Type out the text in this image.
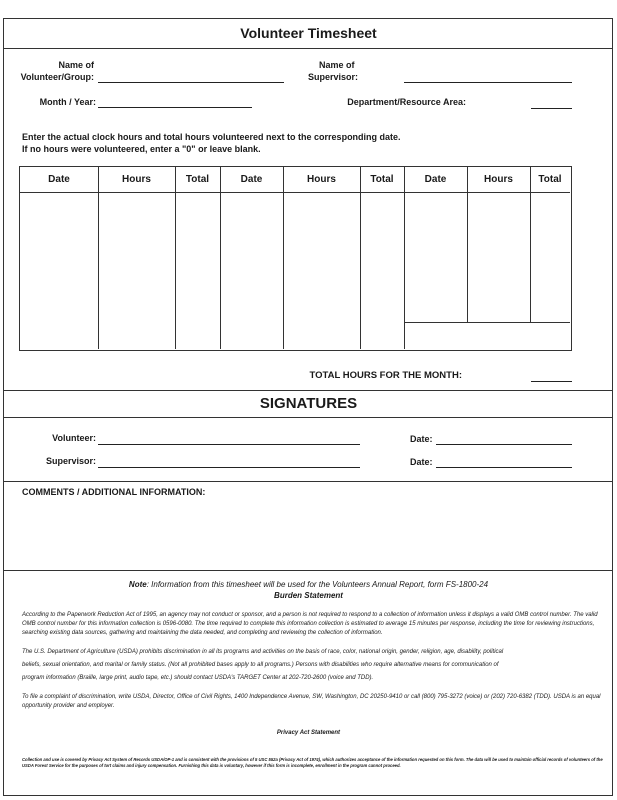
Volunteer Timesheet
Name of
Volunteer/Group:
Name of
Supervisor:
Month / Year:	Department/Resource Area:
Enter the actual clock hours and total hours volunteered next to the corresponding date.
If no hours were volunteered, enter a "0" or leave blank.
Date	Hours	Total	Date	Hours	Total	Date	Hours	Total
TOTAL HOURS FOR THE MONTH:
SIGNATURES
Volunteer:	Date:
Supervisor:	Date:
COMMENTS / ADDITIONAL INFORMATION:
Note: Information from this timesheet will be used for the Volunteers Annual Report, form FS-1800-24
Burden Statement
According to the Paperwork Reduction Act of 1995, an agency may not conduct or sponsor, and a person is not required to respond to a collection of information unless it displays a valid OMB control number. The valid OMB control number for this information collection is 0596-0080. The time required to complete this information collection is estimated to average 15 minutes per response, including the time for reviewing instructions, searching existing data sources, gathering and maintaining the data needed, and completing and reviewing the collection of information.
The U.S. Department of Agriculture (USDA) prohibits discrimination in all its programs and activities on the basis of race, color, national origin, gender, religion, age, disability, political
beliefs, sexual orientation, and marital or family status. (Not all prohibited bases apply to all programs.) Persons with disabilities who require alternative means for communication of
program information (Braille, large print, audio tape, etc.) should contact USDA's TARGET Center at 202-720-2600 (voice and TDD).
To file a complaint of discrimination, write USDA, Director, Office of Civil Rights, 1400 Independence Avenue, SW, Washington, DC 20250-9410 or call (800) 795-3272 (voice) or (202) 720-6382 (TDD). USDA is an equal opportunity provider and employer.
Privacy Act Statement
Collection and use is covered by Privacy Act System of Records USDA/OP-1 and is consistent with the provisions of 5 USC 552a (Privacy Act of 1974), which authorizes acceptance of the information requested on this form. The data will be used to maintain official records of volunteers of the USDA Forest Service for the purposes of tort claims and injury compensation. Furnishing this data is voluntary, however if this form is incomplete, enrollment in the program cannot proceed.
